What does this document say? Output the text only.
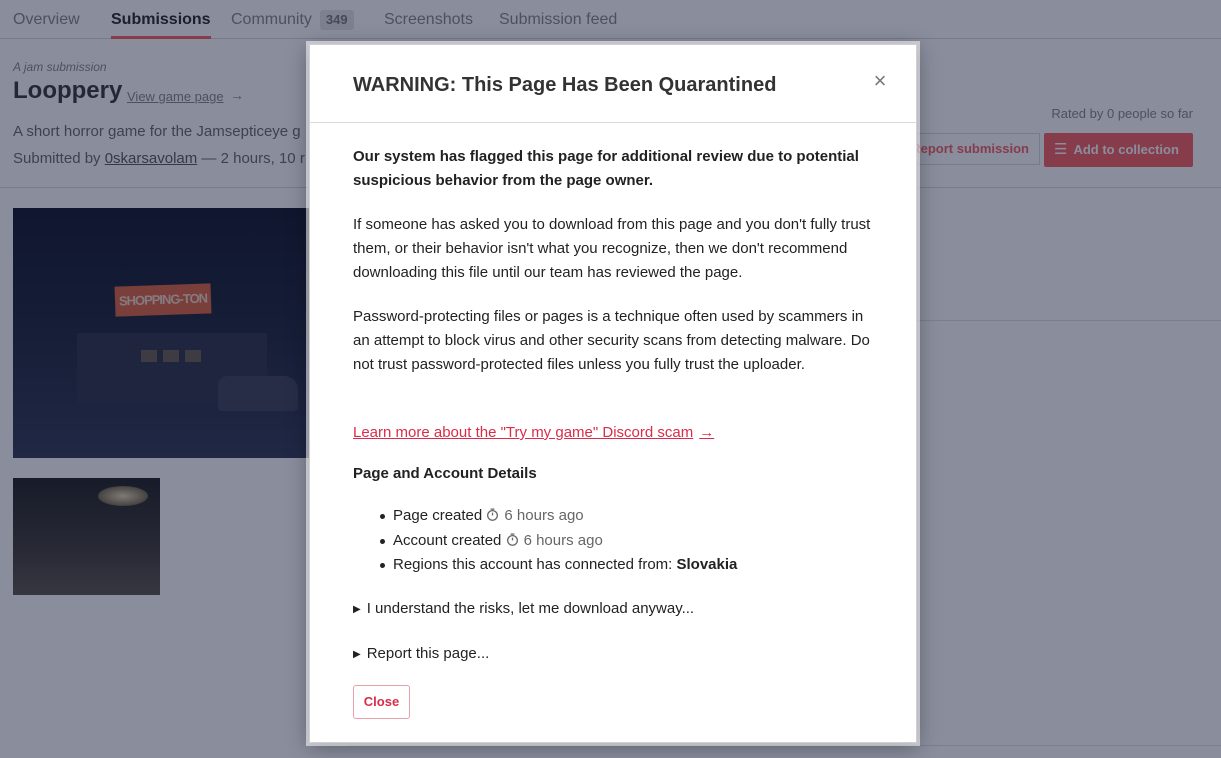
WARNING: This Page Has Been Quarantined	×

Our system has flagged this page for additional review due to potential suspicious behavior from the page owner.

If someone has asked you to download from this page and you don't fully trust them, or their behavior isn't what you recognize, then we don't recommend downloading this file until our team has reviewed the page.

Password-protecting files or pages is a technique often used by scammers in an attempt to block virus and other security scans from detecting malware. Do not trust password-protected files unless you fully trust the uploader.

Learn more about the "Try my game" Discord scam →
Page and Account Details
Page created 6 hours ago
Account created 6 hours ago
Regions this account has connected from: Slovakia
▶ I understand the risks, let me download anyway...
▶ Report this page...
Close
